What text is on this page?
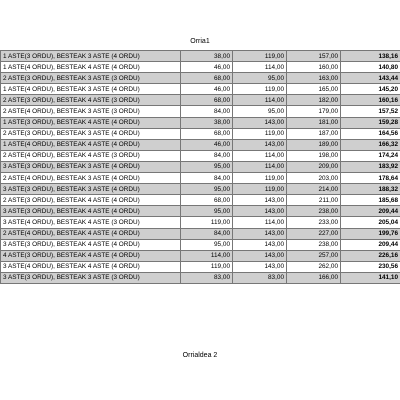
Orria1
1 ASTE(3 ORDU), BESTEAK 3 ASTE (4 ORDU)	38,00	119,00	157,00	138,16
1 ASTE(4 ORDU), BESTEAK 4 ASTE (4 ORDU)	46,00	114,00	160,00	140,80
2 ASTE(3 ORDU), BESTEAK 3 ASTE (3 ORDU)	68,00	95,00	163,00	143,44
1 ASTE(4 ORDU), BESTEAK 3 ASTE (4 ORDU)	46,00	119,00	165,00	145,20
2 ASTE(3 ORDU), BESTEAK 4 ASTE (3 ORDU)	68,00	114,00	182,00	160,16
2 ASTE(4 ORDU), BESTEAK 3 ASTE (3 ORDU)	84,00	95,00	179,00	157,52
1 ASTE(3 ORDU), BESTEAK 4 ASTE (4 ORDU)	38,00	143,00	181,00	159,28
2 ASTE(3 ORDU), BESTEAK 3 ASTE (4 ORDU)	68,00	119,00	187,00	164,56
1 ASTE(4 ORDU), BESTEAK 4 ASTE (4 ORDU)	46,00	143,00	189,00	166,32
2 ASTE(4 ORDU), BESTEAK 4 ASTE (3 ORDU)	84,00	114,00	198,00	174,24
3 ASTE(3 ORDU), BESTEAK 3 ASTE (4 ORDU)	95,00	114,00	209,00	183,92
2 ASTE(4 ORDU), BESTEAK 3 ASTE (4 ORDU)	84,00	119,00	203,00	178,64
3 ASTE(3 ORDU), BESTEAK 3 ASTE (4 ORDU)	95,00	119,00	214,00	188,32
2 ASTE(3 ORDU), BESTEAK 4 ASTE (4 ORDU)	68,00	143,00	211,00	185,68
3 ASTE(3 ORDU), BESTEAK 4 ASTE (4 ORDU)	95,00	143,00	238,00	209,44
3 ASTE(4 ORDU), BESTEAK 4 ASTE (3 ORDU)	119,00	114,00	233,00	205,04
2 ASTE(4 ORDU), BESTEAK 4 ASTE (4 ORDU)	84,00	143,00	227,00	199,76
3 ASTE(3 ORDU), BESTEAK 4 ASTE (4 ORDU)	95,00	143,00	238,00	209,44
4 ASTE(3 ORDU), BESTEAK 4 ASTE (4 ORDU)	114,00	143,00	257,00	226,16
3 ASTE(4 ORDU), BESTEAK 4 ASTE (4 ORDU)	119,00	143,00	262,00	230,56
3 ASTE(3 ORDU), BESTEAK 3 ASTE (3 ORDU)	83,00	83,00	166,00	141,10
Orrialdea 2
